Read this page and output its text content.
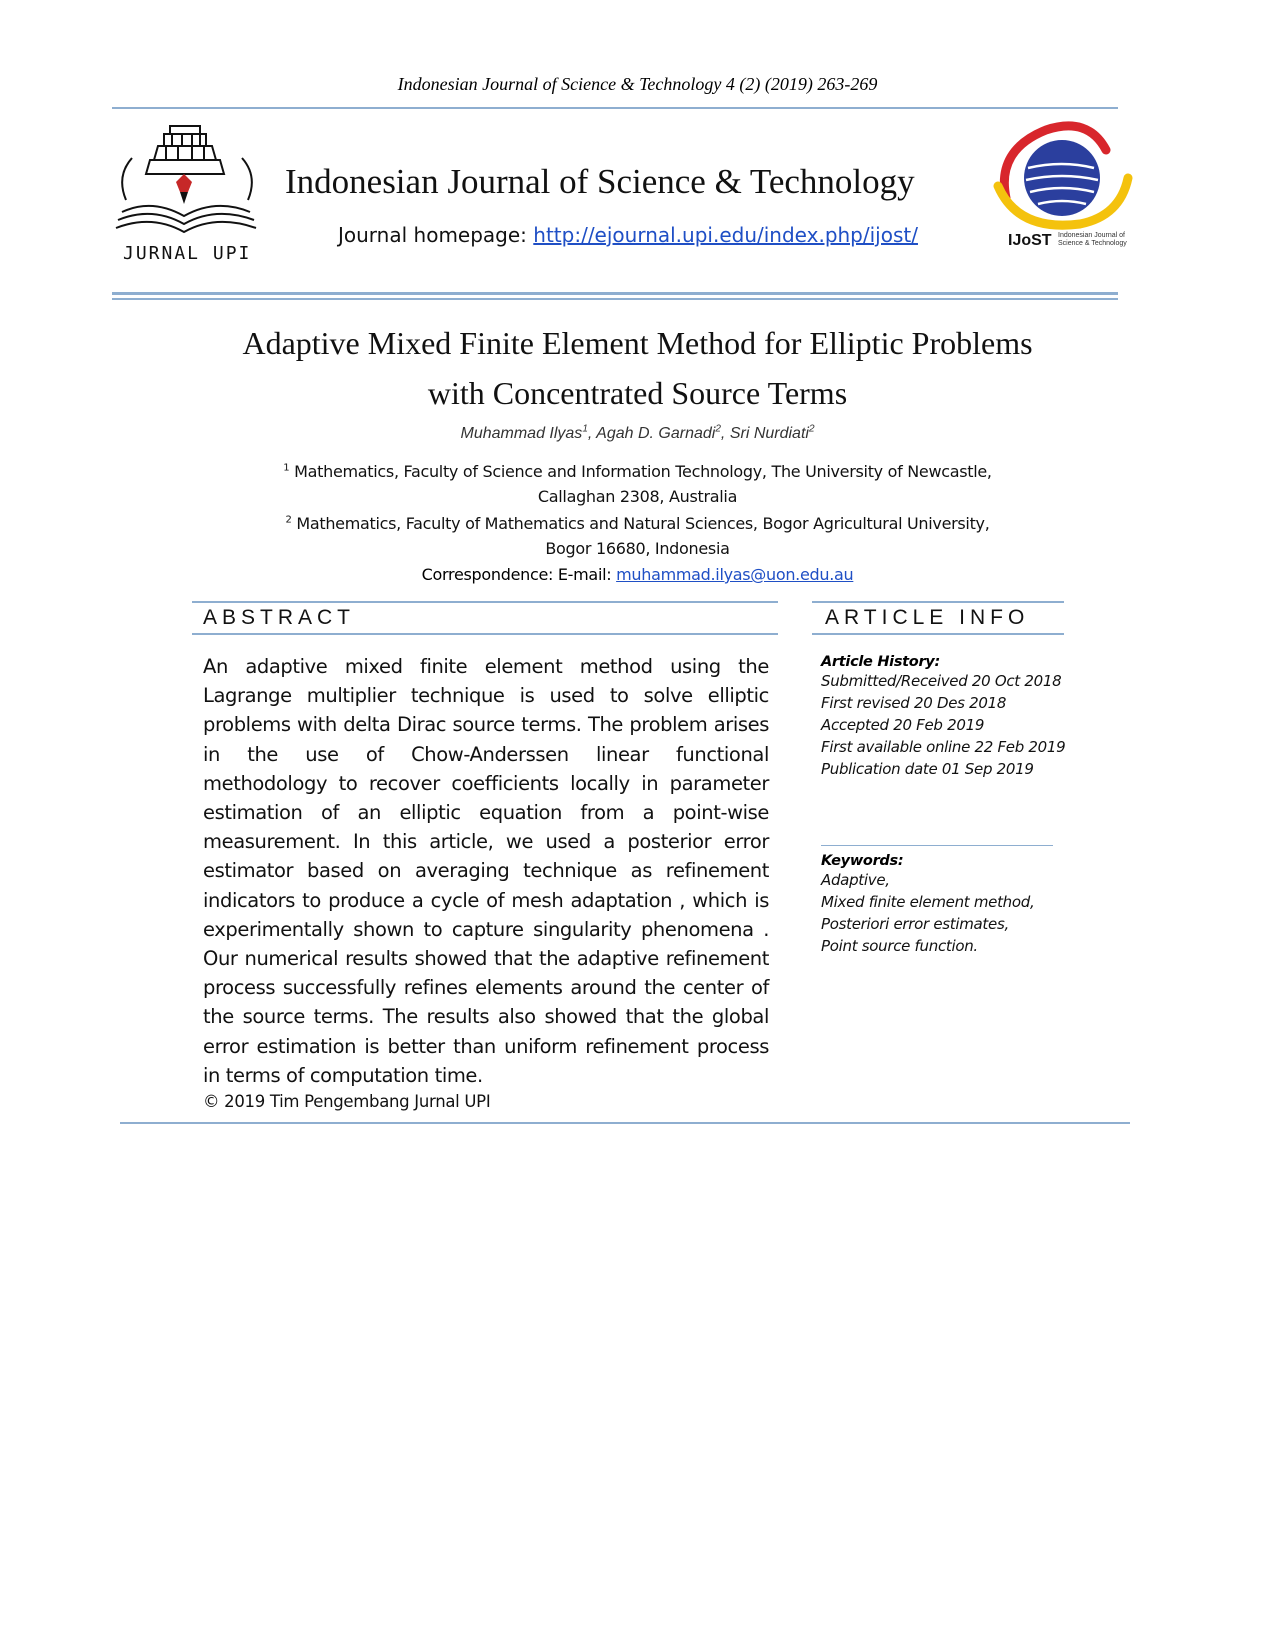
Indonesian Journal of Science & Technology 4 (2) (2019) 263-269
JURNAL UPI
Indonesian Journal of Science & Technology
Journal homepage: http://ejournal.upi.edu/index.php/ijost/	IJoST Indonesian Journal of Science & Technology
Adaptive Mixed Finite Element Method for Elliptic Problems
with Concentrated Source Terms
Muhammad Ilyas$^1$, Agah D. Garnadi$^2$, Sri Nurdiati$^2$
$^1$ Mathematics, Faculty of Science and Information Technology, The University of Newcastle,
Callaghan 2308, Australia
$^2$ Mathematics, Faculty of Mathematics and Natural Sciences, Bogor Agricultural University,
Bogor 16680, Indonesia
Correspondence: E-mail: muhammad.ilyas@uon.edu.au
ABSTRACT
An adaptive mixed finite element method using the Lagrange multiplier technique is used to solve elliptic problems with delta Dirac source terms. The problem arises in the use of Chow-Anderssen linear functional methodology to recover coefficients locally in parameter estimation of an elliptic equation from a point-wise measurement. In this article, we used a posterior error estimator based on averaging technique as refinement indicators to produce a cycle of mesh adaptation , which is experimentally shown to capture singularity phenomena . Our numerical results showed that the adaptive refinement process successfully refines elements around the center of the source terms. The results also showed that the global error estimation is better than uniform refinement process in terms of computation time.
ARTICLE INFO
Article History:
Submitted/Received 20 Oct 2018
First revised 20 Des 2018
Accepted 20 Feb 2019
First available online 22 Feb 2019
Publication date 01 Sep 2019
Keywords:
Adaptive,
Mixed finite element method,
Posteriori error estimates,
Point source function.
© 2019 Tim Pengembang Jurnal UPI
